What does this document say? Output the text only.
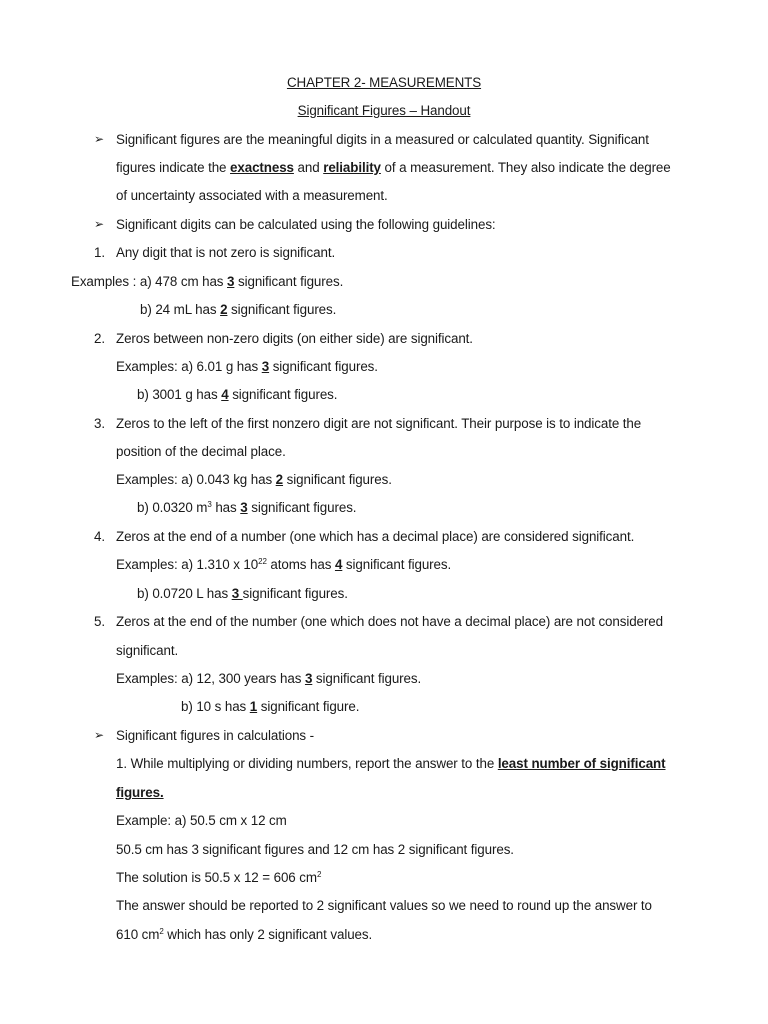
CHAPTER 2- MEASUREMENTS
Significant Figures – Handout
➢ Significant figures are the meaningful digits in a measured or calculated quantity. Significant
figures indicate the exactness and reliability of a measurement. They also indicate the degree
of uncertainty associated with a measurement.
➢ Significant digits can be calculated using the following guidelines:
1. Any digit that is not zero is significant.
Examples : a) 478 cm has 3 significant figures.
b) 24 mL has 2 significant figures.
2. Zeros between non-zero digits (on either side) are significant.
Examples: a) 6.01 g has 3 significant figures.
b) 3001 g has 4 significant figures.
3. Zeros to the left of the first nonzero digit are not significant. Their purpose is to indicate the
position of the decimal place.
Examples: a) 0.043 kg has 2 significant figures.
b) 0.0320 $m^3$ has 3 significant figures.
4. Zeros at the end of a number (one which has a decimal place) are considered significant.
Examples: a) 1.310 x $10^{22}$ atoms has 4 significant figures.
b) 0.0720 L has 3 significant figures.
5. Zeros at the end of the number (one which does not have a decimal place) are not considered
significant.
Examples: a) 12, 300 years has 3 significant figures.
b) 10 s has 1 significant figure.
➢ Significant figures in calculations -
1. While multiplying or dividing numbers, report the answer to the least number of significant
figures.
Example: a) 50.5 cm x 12 cm
50.5 cm has 3 significant figures and 12 cm has 2 significant figures.
The solution is 50.5 x 12 = 606 $cm^2$
The answer should be reported to 2 significant values so we need to round up the answer to
610 $cm^2$ which has only 2 significant values.
